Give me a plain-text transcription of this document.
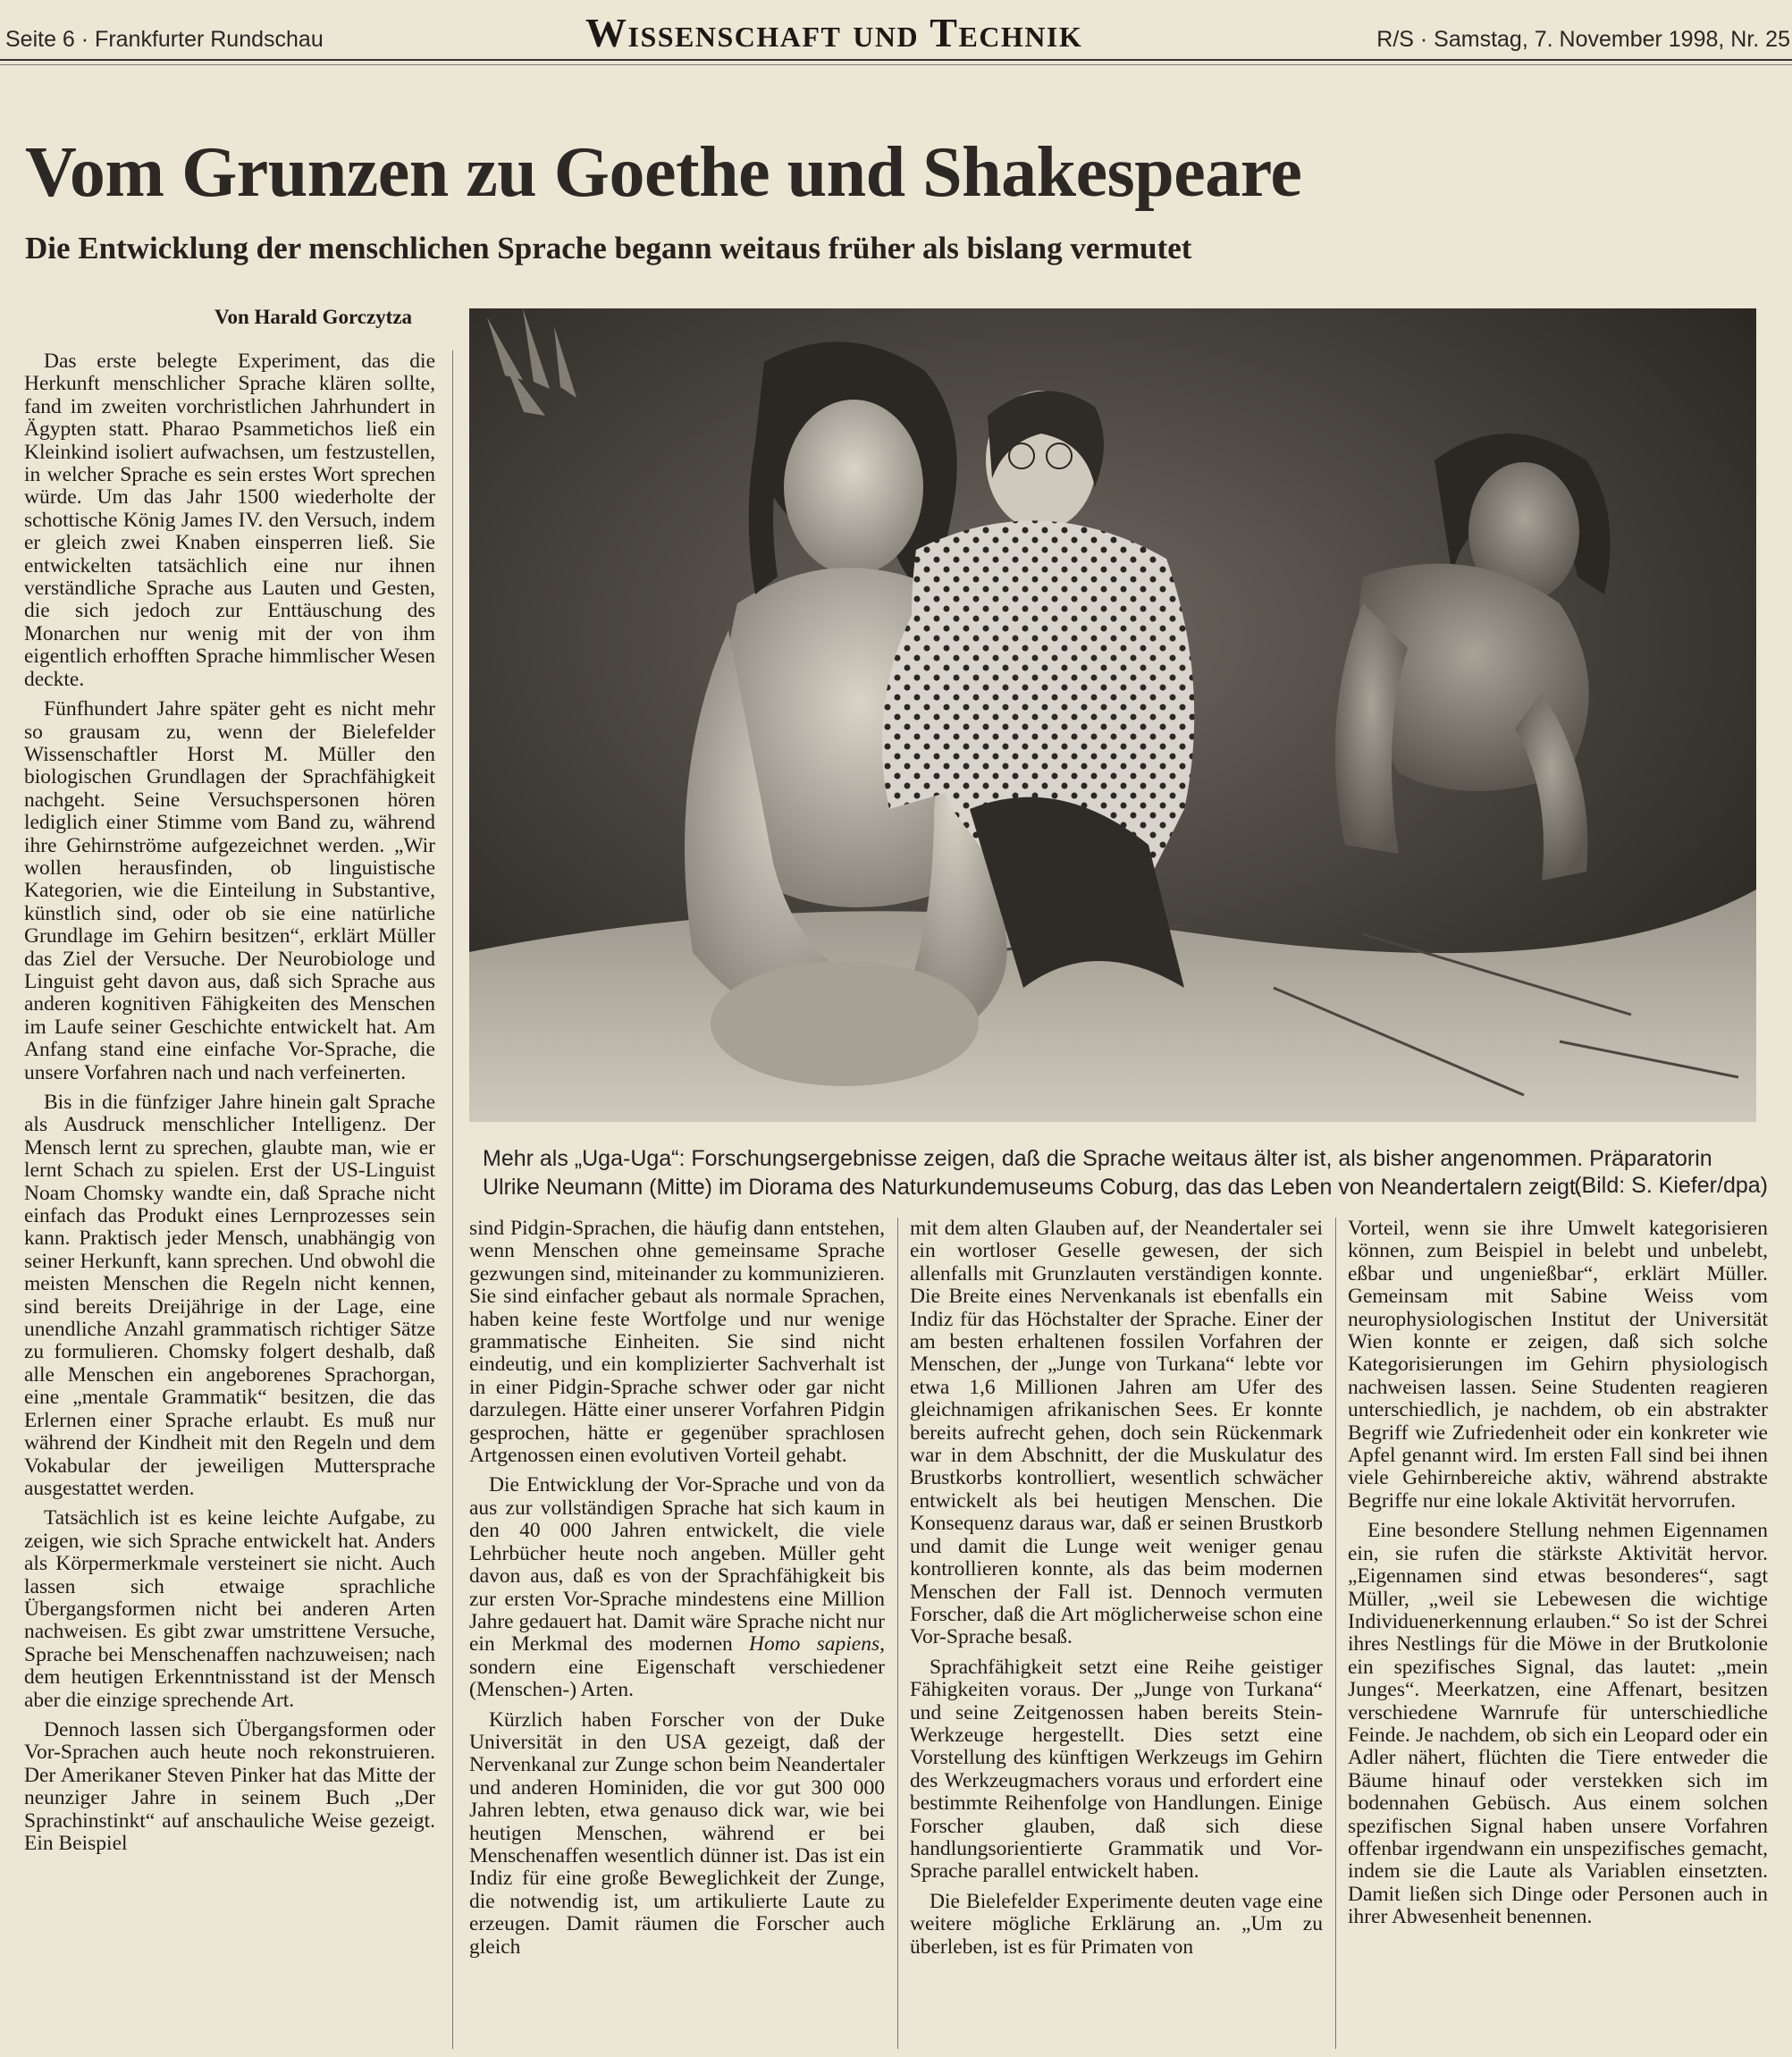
Seite 6 · Frankfurter Rundschau	Wissenschaft und Technik	R/S · Samstag, 7. November 1998, Nr. 25
Vom Grunzen zu Goethe und Shakespeare
Die Entwicklung der menschlichen Sprache begann weitaus früher als bislang vermutet
Von Harald Gorczytza
Mehr als „Uga-Uga“: Forschungsergebnisse zeigen, daß die Sprache weitaus älter ist, als bisher angenommen. Präparatorin Ulrike Neumann (Mitte) im Diorama des Naturkundemuseums Coburg, das das Leben von Neandertalern zeigt.
(Bild: S. Kiefer/dpa)

Das erste belegte Experiment, das die Herkunft menschlicher Sprache klären sollte, fand im zweiten vorchristlichen Jahrhundert in Ägypten statt. Pharao Psammetichos ließ ein Kleinkind isoliert aufwachsen, um festzustellen, in welcher Sprache es sein erstes Wort sprechen würde. Um das Jahr 1500 wiederholte der schottische König James IV. den Versuch, indem er gleich zwei Knaben einsperren ließ. Sie entwickelten tatsächlich eine nur ihnen verständliche Sprache aus Lauten und Gesten, die sich jedoch zur Enttäuschung des Monarchen nur wenig mit der von ihm eigentlich erhofften Sprache himmlischer Wesen deckte.

Fünfhundert Jahre später geht es nicht mehr so grausam zu, wenn der Bielefelder Wissenschaftler Horst M. Müller den biologischen Grundlagen der Sprachfähigkeit nachgeht. Seine Versuchspersonen hören lediglich einer Stimme vom Band zu, während ihre Gehirnströme aufgezeichnet werden. „Wir wollen herausfinden, ob linguistische Kategorien, wie die Einteilung in Substantive, künstlich sind, oder ob sie eine natürliche Grundlage im Gehirn besitzen“, erklärt Müller das Ziel der Versuche. Der Neurobiologe und Linguist geht davon aus, daß sich Sprache aus anderen kognitiven Fähigkeiten des Menschen im Laufe seiner Geschichte entwickelt hat. Am Anfang stand eine einfache Vor-Sprache, die unsere Vorfahren nach und nach verfeinerten.

Bis in die fünfziger Jahre hinein galt Sprache als Ausdruck menschlicher Intelligenz. Der Mensch lernt zu sprechen, glaubte man, wie er lernt Schach zu spielen. Erst der US-Linguist Noam Chomsky wandte ein, daß Sprache nicht einfach das Produkt eines Lernprozesses sein kann. Praktisch jeder Mensch, unabhängig von seiner Herkunft, kann sprechen. Und obwohl die meisten Menschen die Regeln nicht kennen, sind bereits Dreijährige in der Lage, eine unendliche Anzahl grammatisch richtiger Sätze zu formulieren. Chomsky folgert deshalb, daß alle Menschen ein angeborenes Sprachorgan, eine „mentale Grammatik“ besitzen, die das Erlernen einer Sprache erlaubt. Es muß nur während der Kindheit mit den Regeln und dem Vokabular der jeweiligen Muttersprache ausgestattet werden.

Tatsächlich ist es keine leichte Aufgabe, zu zeigen, wie sich Sprache entwickelt hat. Anders als Körpermerkmale versteinert sie nicht. Auch lassen sich etwaige sprachliche Übergangsformen nicht bei anderen Arten nachweisen. Es gibt zwar umstrittene Versuche, Sprache bei Menschenaffen nachzuweisen; nach dem heutigen Erkenntnisstand ist der Mensch aber die einzige sprechende Art.

Dennoch lassen sich Übergangsformen oder Vor-Sprachen auch heute noch rekonstruieren. Der Amerikaner Steven Pinker hat das Mitte der neunziger Jahre in seinem Buch „Der Sprachinstinkt“ auf anschauliche Weise gezeigt. Ein Beispiel

sind Pidgin-Sprachen, die häufig dann entstehen, wenn Menschen ohne gemeinsame Sprache gezwungen sind, miteinander zu kommunizieren. Sie sind einfacher gebaut als normale Sprachen, haben keine feste Wortfolge und nur wenige grammatische Einheiten. Sie sind nicht eindeutig, und ein komplizierter Sachverhalt ist in einer Pidgin-Sprache schwer oder gar nicht darzulegen. Hätte einer unserer Vorfahren Pidgin gesprochen, hätte er gegenüber sprachlosen Artgenossen einen evolutiven Vorteil gehabt.

Die Entwicklung der Vor-Sprache und von da aus zur vollständigen Sprache hat sich kaum in den 40 000 Jahren entwickelt, die viele Lehrbücher heute noch angeben. Müller geht davon aus, daß es von der Sprachfähigkeit bis zur ersten Vor-Sprache mindestens eine Million Jahre gedauert hat. Damit wäre Sprache nicht nur ein Merkmal des modernen Homo sapiens, sondern eine Eigenschaft verschiedener (Menschen-) Arten.

Kürzlich haben Forscher von der Duke Universität in den USA gezeigt, daß der Nervenkanal zur Zunge schon beim Neandertaler und anderen Hominiden, die vor gut 300 000 Jahren lebten, etwa genauso dick war, wie bei heutigen Menschen, während er bei Menschenaffen wesentlich dünner ist. Das ist ein Indiz für eine große Beweglichkeit der Zunge, die notwendig ist, um artikulierte Laute zu erzeugen. Damit räumen die Forscher auch gleich

mit dem alten Glauben auf, der Neandertaler sei ein wortloser Geselle gewesen, der sich allenfalls mit Grunzlauten verständigen konnte. Die Breite eines Nervenkanals ist ebenfalls ein Indiz für das Höchstalter der Sprache. Einer der am besten erhaltenen fossilen Vorfahren der Menschen, der „Junge von Turkana“ lebte vor etwa 1,6 Millionen Jahren am Ufer des gleichnamigen afrikanischen Sees. Er konnte bereits aufrecht gehen, doch sein Rückenmark war in dem Abschnitt, der die Muskulatur des Brustkorbs kontrolliert, wesentlich schwächer entwickelt als bei heutigen Menschen. Die Konsequenz daraus war, daß er seinen Brustkorb und damit die Lunge weit weniger genau kontrollieren konnte, als das beim modernen Menschen der Fall ist. Dennoch vermuten Forscher, daß die Art möglicherweise schon eine Vor-Sprache besaß.

Sprachfähigkeit setzt eine Reihe geistiger Fähigkeiten voraus. Der „Junge von Turkana“ und seine Zeitgenossen haben bereits Stein-Werkzeuge hergestellt. Dies setzt eine Vorstellung des künftigen Werkzeugs im Gehirn des Werkzeugmachers voraus und erfordert eine bestimmte Reihenfolge von Handlungen. Einige Forscher glauben, daß sich diese handlungsorientierte Grammatik und Vor-Sprache parallel entwickelt haben.

Die Bielefelder Experimente deuten vage eine weitere mögliche Erklärung an. „Um zu überleben, ist es für Primaten von

Vorteil, wenn sie ihre Umwelt kategorisieren können, zum Beispiel in belebt und unbelebt, eßbar und ungenießbar“, erklärt Müller. Gemeinsam mit Sabine Weiss vom neurophysiologischen Institut der Universität Wien konnte er zeigen, daß sich solche Kategorisierungen im Gehirn physiologisch nachweisen lassen. Seine Studenten reagieren unterschiedlich, je nachdem, ob ein abstrakter Begriff wie Zufriedenheit oder ein konkreter wie Apfel genannt wird. Im ersten Fall sind bei ihnen viele Gehirnbereiche aktiv, während abstrakte Begriffe nur eine lokale Aktivität hervorrufen.

Eine besondere Stellung nehmen Eigennamen ein, sie rufen die stärkste Aktivität hervor. „Eigennamen sind etwas besonderes“, sagt Müller, „weil sie Lebewesen die wichtige Individuenerkennung erlauben.“ So ist der Schrei ihres Nestlings für die Möwe in der Brutkolonie ein spezifisches Signal, das lautet: „mein Junges“. Meerkatzen, eine Affenart, besitzen verschiedene Warnrufe für unterschiedliche Feinde. Je nachdem, ob sich ein Leopard oder ein Adler nähert, flüchten die Tiere entweder die Bäume hinauf oder verstekken sich im bodennahen Gebüsch. Aus einem solchen spezifischen Signal haben unsere Vorfahren offenbar irgendwann ein unspezifisches gemacht, indem sie die Laute als Variablen einsetzten. Damit ließen sich Dinge oder Personen auch in ihrer Abwesenheit benennen.
